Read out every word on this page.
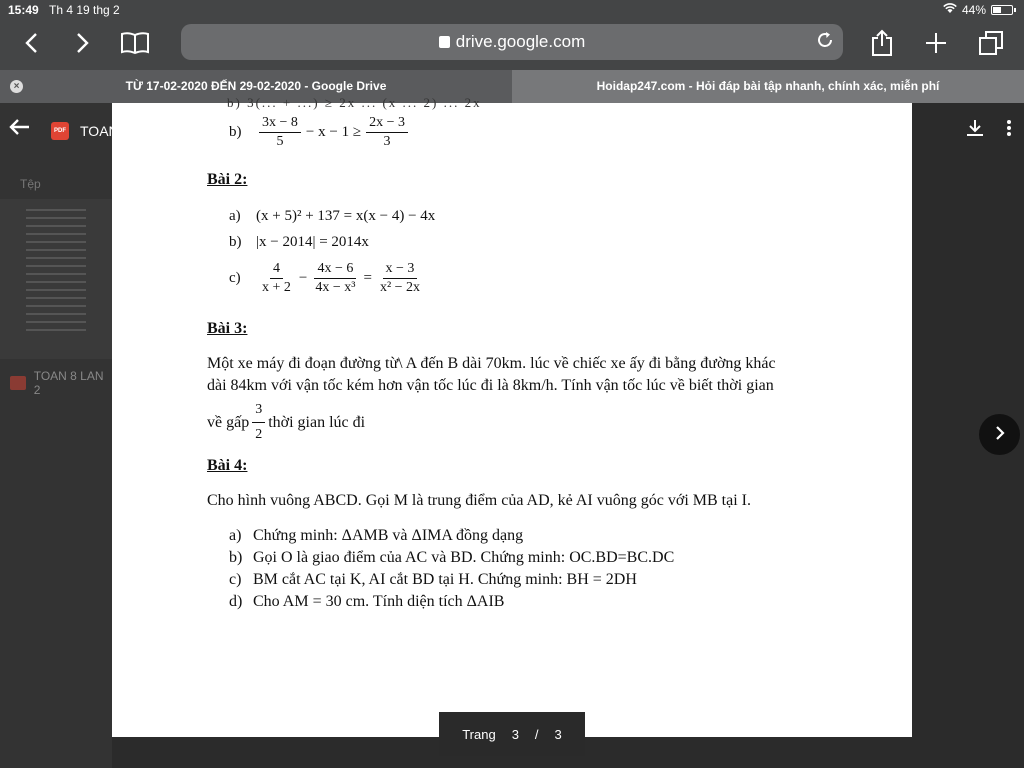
15:49 Th 4 19 thg 2	44%
drive.google.com
×	TỪ 17-02-2020 ĐẾN 29-02-2020 - Google Drive	Hoidap247.com - Hỏi đáp bài tập nhanh, chính xác, miễn phí
Tệp
TOAN 8 LAN 2
b) 3(... + ...) ≥ 2x ... (x ... 2) ... 2x
b)	$\frac{3x - 8}{5} - x - 1 \ge \frac{2x - 3}{3}$
Bài 2:
a)	(x + 5)² + 137 = x(x − 4) − 4x
b) |x − 2014| = 2014x
c)	$\frac{4}{x + 2} - \frac{4x - 6}{\text{4x − x³}} = \frac{x - 3}{\text{x² − 2x}}$
Bài 3:
Một xe máy đi đoạn đường từ\ A đến B dài 70km. lúc về chiếc xe ấy đi bằng đường khác
dài 84km với vận tốc kém hơn vận tốc lúc đi là 8km/h. Tính vận tốc lúc về biết thời gian
về gấp $\frac{3}{2}$ thời gian lúc đi
Bài 4:
Cho hình vuông ABCD. Gọi M là trung điểm của AD, kẻ AI vuông góc với MB tại I.
a) Chứng minh: ΔAMB và ΔIMA đồng dạng
b) Gọi O là giao điểm của AC và BD. Chứng minh: OC.BD=BC.DC
c) BM cắt AC tại K, AI cắt BD tại H. Chứng minh: BH = 2DH
d) Cho AM = 30 cm. Tính diện tích ΔAIB
PDF TOAN 8 LAN 2.pdf
Trang 3 / 3
